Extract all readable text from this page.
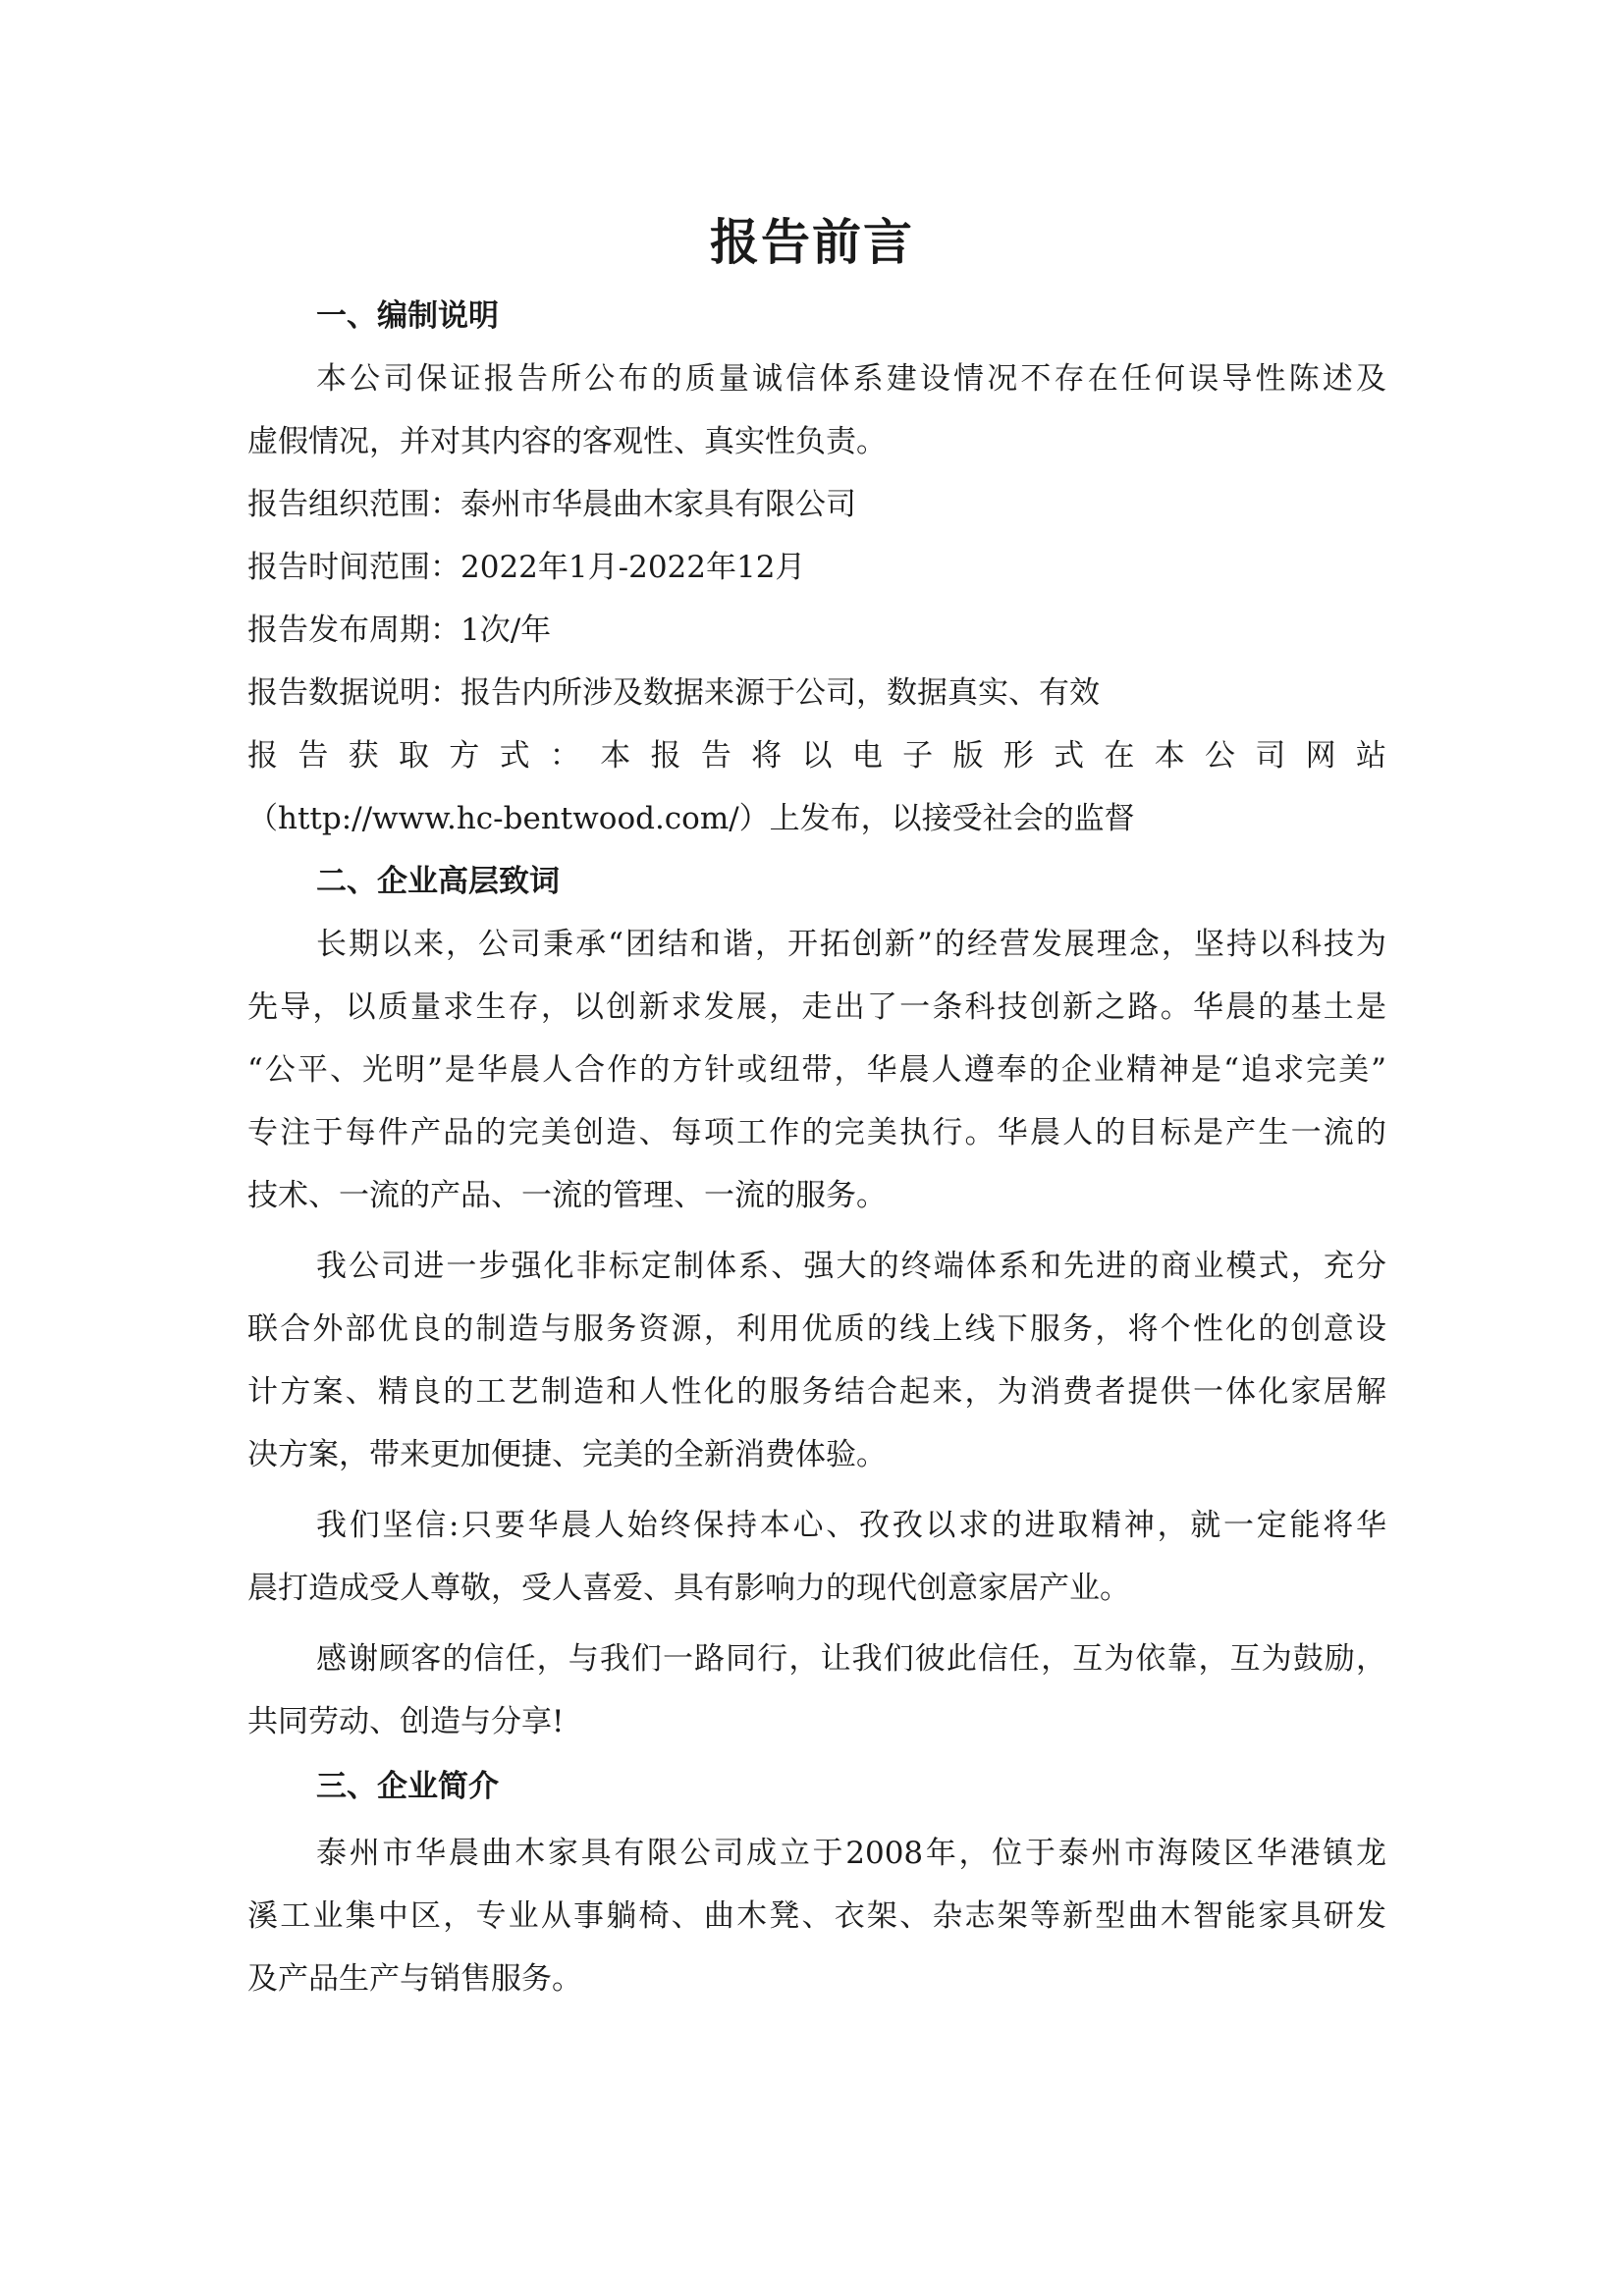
报告前言

一、编制说明

本公司保证报告所公布的质量诚信体系建设情况不存在任何误导性陈述及

虚假情况，并对其内容的客观性、真实性负责。

报告组织范围：泰州市华晨曲木家具有限公司

报告时间范围：2022年1月-2022年12月

报告发布周期：1次/年

报告数据说明：报告内所涉及数据来源于公司，数据真实、有效

报告获取方式：本报告将以电子版形式在本公司网站

（http://www.hc-bentwood.com/）上发布，以接受社会的监督

二、企业高层致词

长期以来，公司秉承“团结和谐，开拓创新”的经营发展理念，坚持以科技为

先导，以质量求生存，以创新求发展，走出了一条科技创新之路。华晨的基土是

“公平、光明”是华晨人合作的方针或纽带，华晨人遵奉的企业精神是“追求完美”

专注于每件产品的完美创造、每项工作的完美执行。华晨人的目标是产生一流的

技术、一流的产品、一流的管理、一流的服务。

我公司进一步强化非标定制体系、强大的终端体系和先进的商业模式，充分

联合外部优良的制造与服务资源，利用优质的线上线下服务，将个性化的创意设

计方案、精良的工艺制造和人性化的服务结合起来，为消费者提供一体化家居解

决方案，带来更加便捷、完美的全新消费体验。

我们坚信:只要华晨人始终保持本心、孜孜以求的进取精神，就一定能将华

晨打造成受人尊敬，受人喜爱、具有影响力的现代创意家居产业。

感谢顾客的信任，与我们一路同行，让我们彼此信任，互为依靠，互为鼓励，

共同劳动、创造与分享!

三、企业简介

泰州市华晨曲木家具有限公司成立于2008年，位于泰州市海陵区华港镇龙

溪工业集中区，专业从事躺椅、曲木凳、衣架、杂志架等新型曲木智能家具研发

及产品生产与销售服务。
